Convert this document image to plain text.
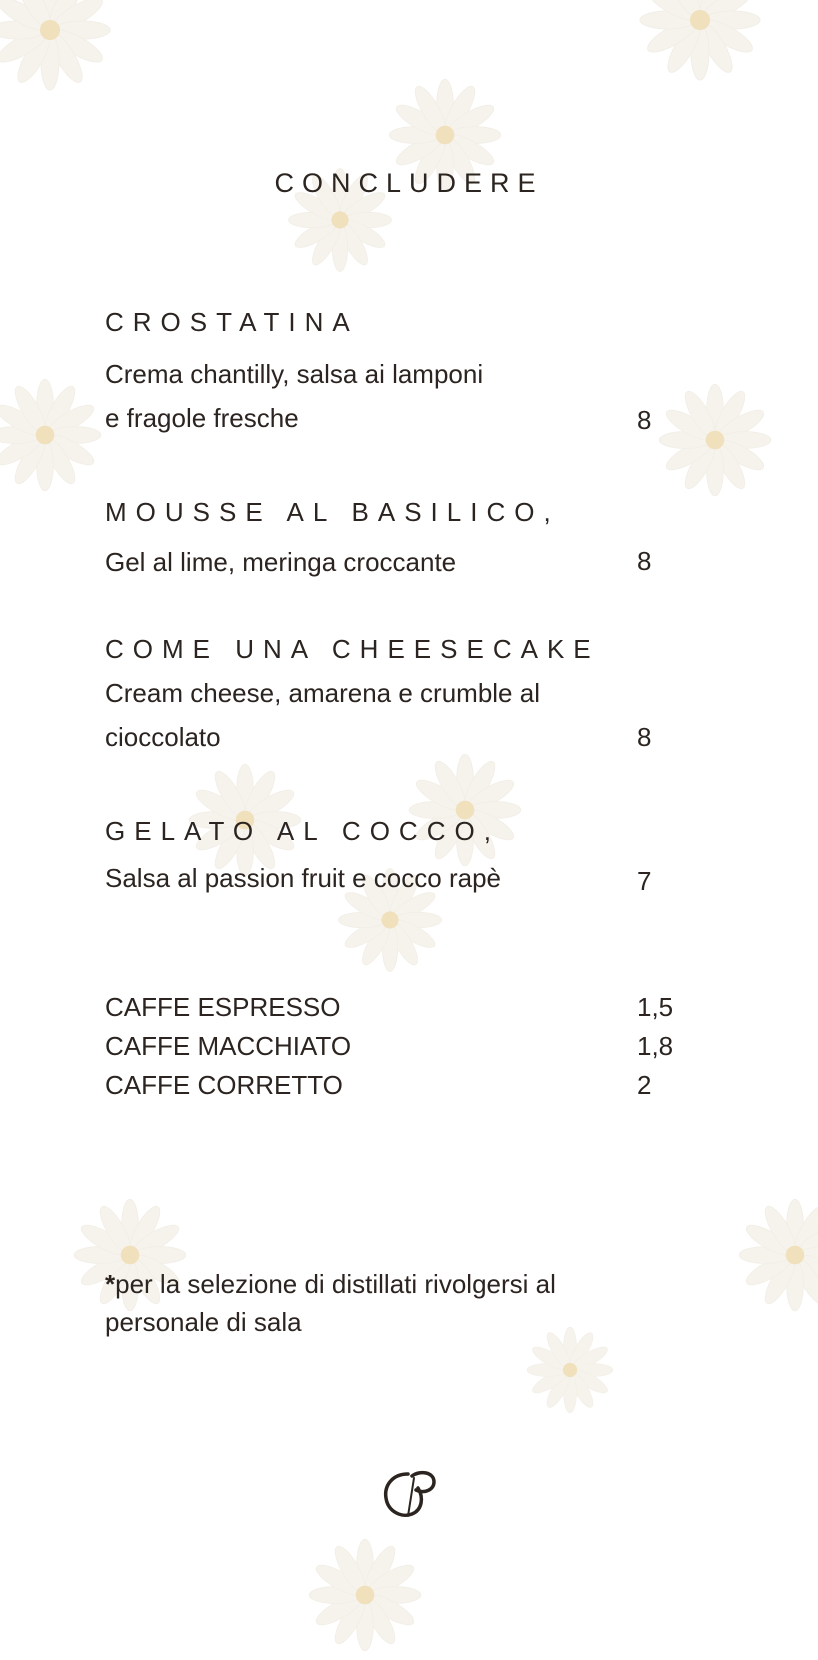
CONCLUDERE
CROSTATINA
Crema chantilly, salsa ai lamponi
e fragole fresche	8
MOUSSE AL BASILICO,
Gel al lime, meringa croccante	8
COME UNA CHEESECAKE
Cream cheese, amarena e crumble al
cioccolato	8
GELATO AL COCCO,
Salsa al passion fruit e cocco rapè	7
CAFFE ESPRESSO	1,5
CAFFE MACCHIATO	1,8
CAFFE CORRETTO	2
*per la selezione di distillati rivolgersi al personale di sala
